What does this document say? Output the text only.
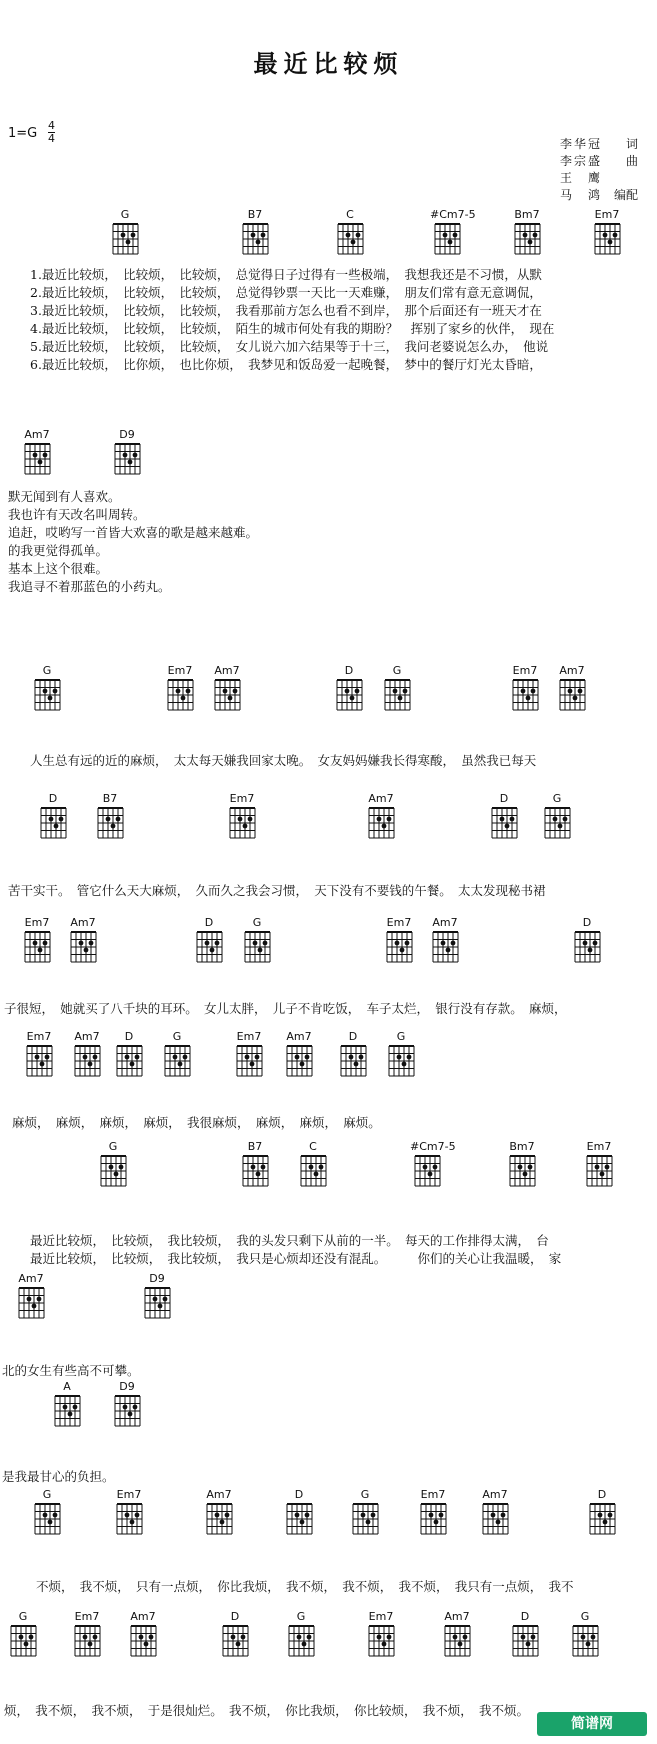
最近比较烦
1=G
4
4	李华冠 词
李宗盛 曲
王　鹰
马　鸿 编配
G	B7	C	#Cm7-5	Bm7	Em7
Am7	D9
G	Em7	Am7	D	G	Em7	Am7
D	B7	Em7	Am7	D	G
Em7	Am7	D	G	Em7	Am7	D
Em7	Am7	D	G	Em7	Am7	D	G
G	B7	C	#Cm7-5	Bm7	Em7
Am7	D9
A	D9
G	Em7	Am7	D	G	Em7	Am7	D
G	Em7	Am7	D	G	Em7	Am7	D	G
1.最近比较烦，　比较烦，　比较烦，　总觉得日子过得有一些极端，　我想我还是不习惯，从默
2.最近比较烦，　比较烦，　比较烦，　总觉得钞票一天比一天难赚，　朋友们常有意无意调侃，
3.最近比较烦，　比较烦，　比较烦，　我看那前方怎么也看不到岸，　那个后面还有一班天才在
4.最近比较烦，　比较烦，　比较烦，　陌生的城市何处有我的期盼？　挥别了家乡的伙伴，　现在
5.最近比较烦，　比较烦，　比较烦，　女儿说六加六结果等于十三，　我问老婆说怎么办，　他说
6.最近比较烦，　比你烦，　也比你烦，　我梦见和饭岛爱一起晚餐，　梦中的餐厅灯光太昏暗，
默无闻到有人喜欢。
我也许有天改名叫周转。
追赶，哎哟写一首皆大欢喜的歌是越来越难。
的我更觉得孤单。
基本上这个很难。
我追寻不着那蓝色的小药丸。
人生总有远的近的麻烦，　太太每天嫌我回家太晚。　女友妈妈嫌我长得寒酸，　虽然我已每天
苦干实干。　管它什么天大麻烦，　久而久之我会习惯，　天下没有不要钱的午餐。　太太发现秘书裙
子很短，　她就买了八千块的耳环。　女儿太胖，　儿子不肯吃饭，　车子太烂，　银行没有存款。　麻烦，
麻烦，　麻烦，　麻烦，　麻烦，　我很麻烦，　麻烦，　麻烦，　麻烦。
最近比较烦，　比较烦，　我比较烦，　我的头发只剩下从前的一半。　每天的工作排得太满，　台
最近比较烦，　比较烦，　我比较烦，　我只是心烦却还没有混乱。　　　你们的关心让我温暖，　家
北的女生有些高不可攀。
是我最甘心的负担。
不烦，　我不烦，　只有一点烦，　你比我烦，　我不烦，　我不烦，　我不烦，　我只有一点烦，　我不
烦，　我不烦，　我不烦，　于是很灿烂。　我不烦，　你比我烦，　你比较烦，　我不烦，　我不烦。
简谱网
